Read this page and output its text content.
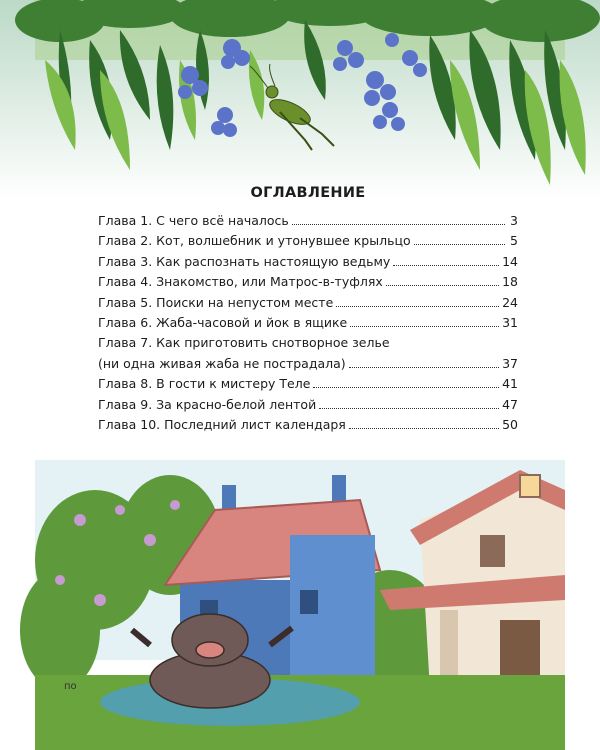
ОГЛАВЛЕНИЕ
Глава 1. С чего всё началось	3
Глава 2. Кот, волшебник и утонувшее крыльцо	5
Глава 3. Как распознать настоящую ведьму	14
Глава 4. Знакомство, или Матрос-в-туфлях	18
Глава 5. Поиски на непустом месте	24
Глава 6. Жаба-часовой и йок в ящике	31
Глава 7. Как приготовить снотворное зелье
(ни одна живая жаба не пострадала)	37
Глава 8. В гости к мистеру Теле	41
Глава 9. За красно-белой лентой	47
Глава 10. Последний лист календаря	50
по
